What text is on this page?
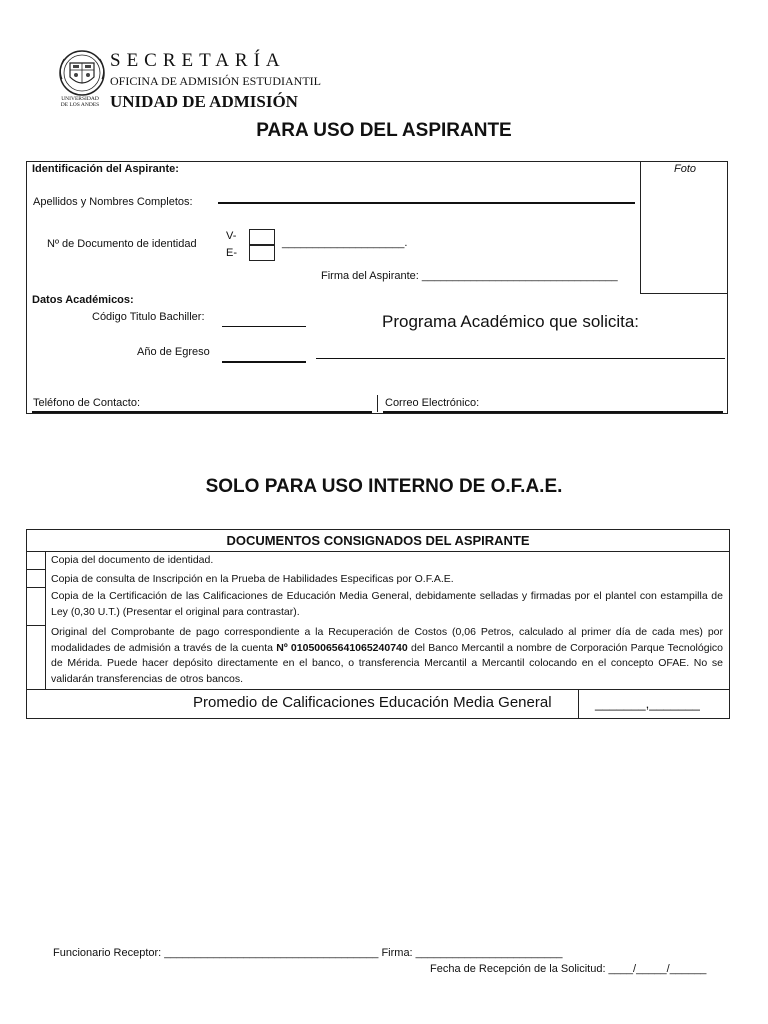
UNIVERSIDAD
DE LOS ANDES
SECRETARÍA
OFICINA DE ADMISIÓN ESTUDIANTIL
UNIDAD DE ADMISIÓN
PARA USO DEL ASPIRANTE
Foto
Identificación del Aspirante:
Apellidos y Nombres Completos:
Nº de Documento de identidad
V-
E-
____________________.
Firma del Aspirante: ________________________________
Datos Académicos:
Código Titulo Bachiller:	Programa Académico que solicita:
Año de Egreso
Teléfono de Contacto:	Correo Electrónico:
SOLO PARA USO INTERNO DE O.F.A.E.
DOCUMENTOS CONSIGNADOS DEL ASPIRANTE
Copia del documento de identidad.
Copia de consulta de Inscripción en la Prueba de Habilidades Especificas por O.F.A.E.
Copia de la Certificación de las Calificaciones de Educación Media General, debidamente selladas y firmadas por el plantel con estampilla de Ley (0,30 U.T.) (Presentar el original para contrastar).
Original del Comprobante de pago correspondiente a la Recuperación de Costos (0,06 Petros, calculado al primer día de cada mes) por modalidades de admisión a través de la cuenta Nº 01050065641065240740 del Banco Mercantil a nombre de Corporación Parque Tecnológico de Mérida. Puede hacer depósito directamente en el banco, o transferencia Mercantil a Mercantil colocando en el concepto OFAE. No se validarán transferencias de otros bancos.
Promedio de Calificaciones Educación Media General	_______,_______
Funcionario Receptor: ___________________________________ Firma: ________________________
Fecha de Recepción de la Solicitud: ____/_____/______
